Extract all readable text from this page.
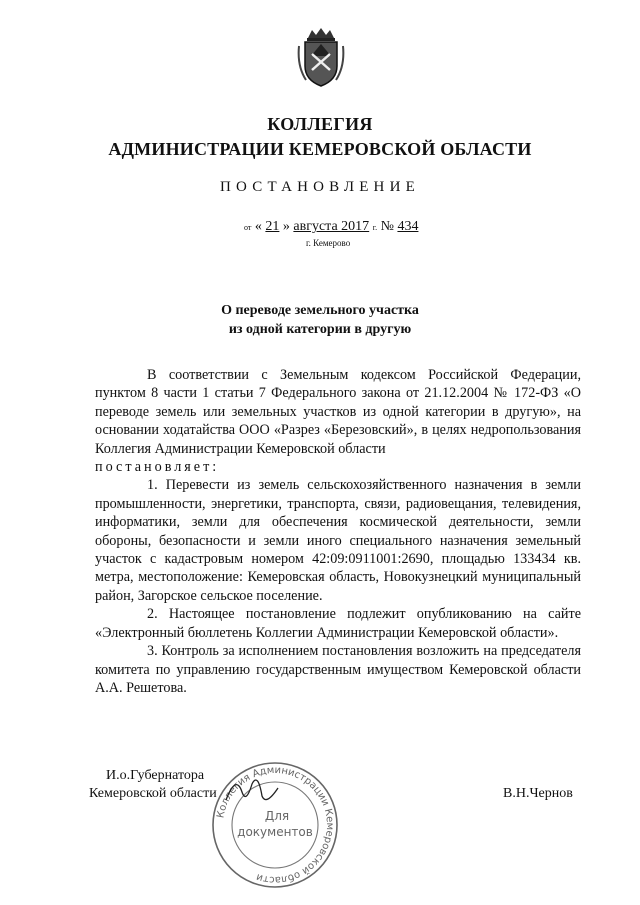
КОЛЛЕГИЯ
АДМИНИСТРАЦИИ КЕМЕРОВСКОЙ ОБЛАСТИ
ПОСТАНОВЛЕНИЕ
от « 21 » августа 2017 г. № 434
г. Кемерово
О переводе земельного участка
из одной категории в другую

В соответствии с Земельным кодексом Российской Федерации, пунктом 8 части 1 статьи 7 Федерального закона от 21.12.2004 № 172-ФЗ «О переводе земель или земельных участков из одной категории в другую», на основании ходатайства ООО «Разрез «Березовский», в целях недропользования Коллегия Администрации Кемеровской области

постановляет:

1. Перевести из земель сельскохозяйственного назначения в земли промышленности, энергетики, транспорта, связи, радиовещания, телевидения, информатики, земли для обеспечения космической деятельности, земли обороны, безопасности и земли иного специального назначения земельный участок с кадастровым номером 42:09:0911001:2690, площадью 133434 кв. метра, местоположение: Кемеровская область, Новокузнецкий муниципальный район, Загорское сельское поселение.

2. Настоящее постановление подлежит опубликованию на сайте «Электронный бюллетень Коллегии Администрации Кемеровской области».

3. Контроль за исполнением постановления возложить на председателя комитета по управлению государственным имуществом Кемеровской области А.А. Решетова.

Коллегия Администрации Кемеровской области
Для
документов
И.о.Губернатора
Кемеровской области	В.Н.Чернов
